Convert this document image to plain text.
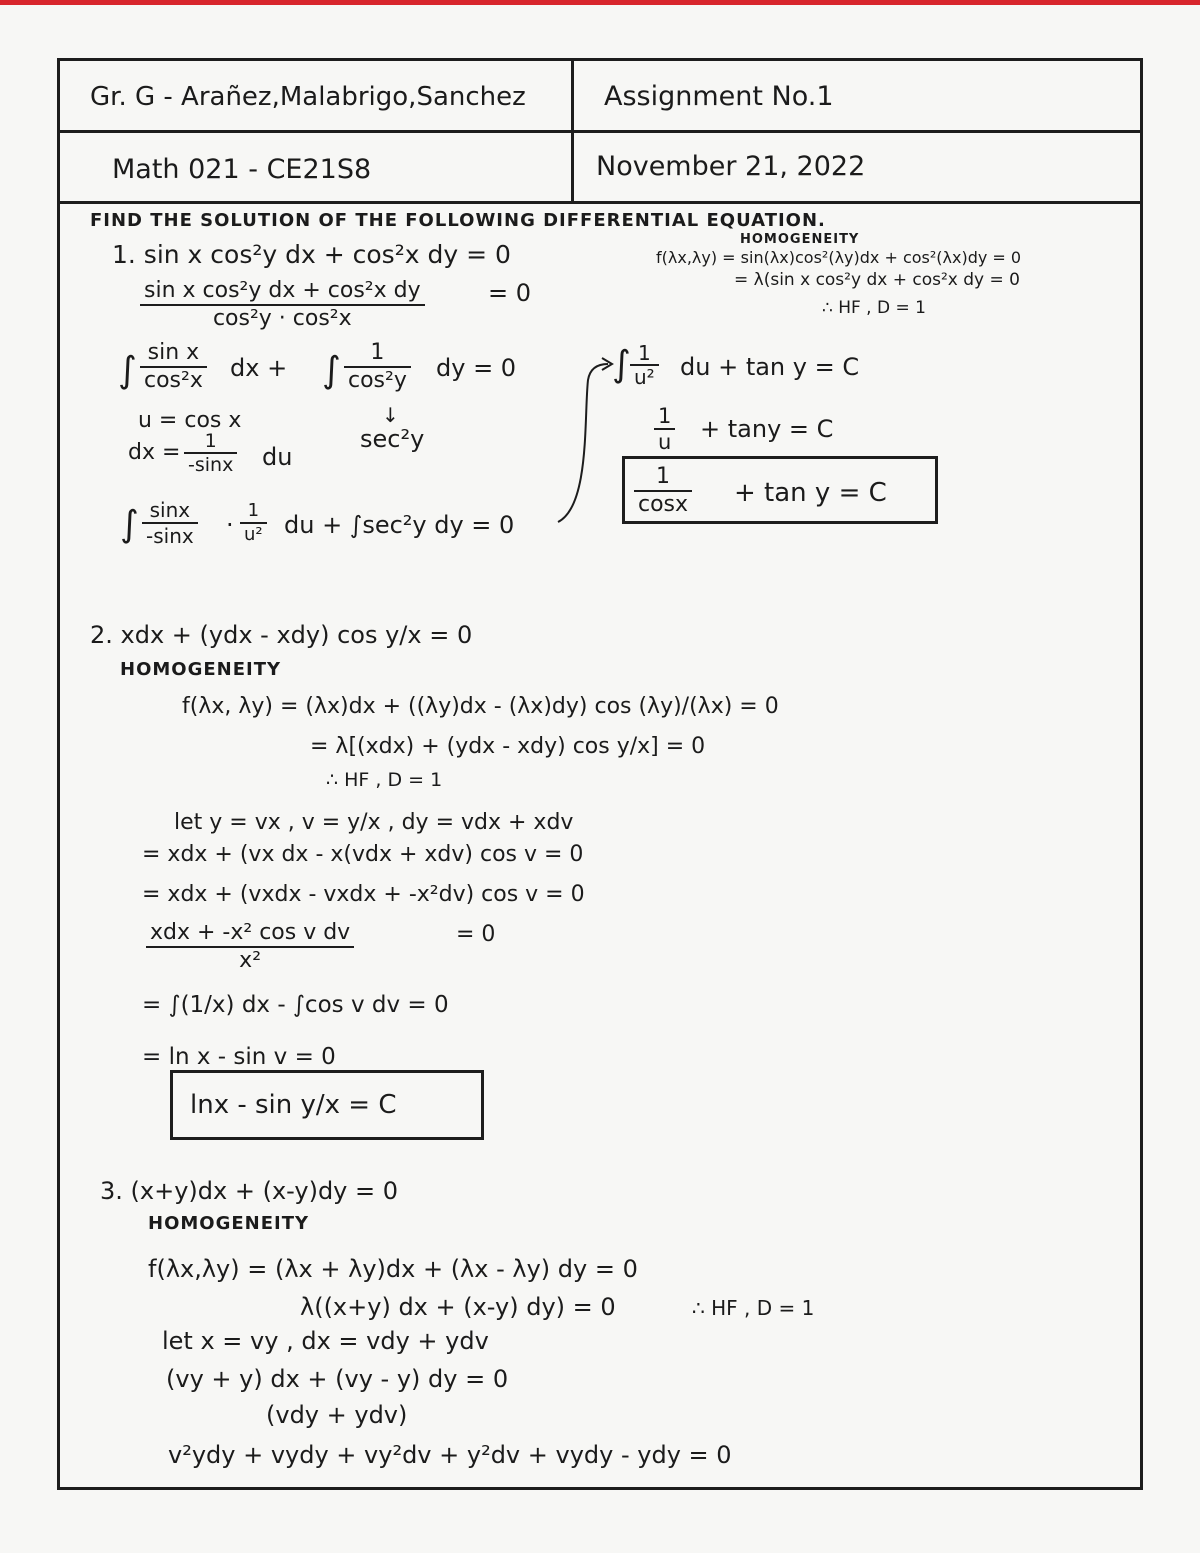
Gr. G - Arañez,Malabrigo,Sanchez	Assignment No.1
Math 021 - CE21S8	November 21, 2022
FIND THE SOLUTION OF THE FOLLOWING DIFFERENTIAL EQUATION.
1. sin x cos²y dx + cos²x dy = 0
HOMOGENEITY
f(λx,λy) = sin(λx)cos²(λy)dx + cos²(λx)dy = 0
= λ(sin x cos²y dx + cos²x dy = 0
∴ HF , D = 1
$\frac{\text{sin x cos²y dx + cos²x dy}}{\text{cos²y · cos²x}}$	= 0
∫ $\frac{\text{sin x}}{\text{cos²x}}$ dx + ∫ $\frac{1}{\text{cos²y}}$ dy = 0
↓
sec²y
u = cos x
dx = $\frac{1}{-\sin x}$ du
∫ $\frac{\sin x}{-\sin x} \cdot \frac{1}{\text{u²}}$ du + ∫sec²y dy = 0
∫ $\frac{1}{\text{u²}}$ du + tan y = C
$\frac{1}{u} + \tan y = C$
$\frac{1}{\cos x} + \tan y = C$
2. xdx + (ydx - xdy) cos y/x = 0
HOMOGENEITY
f(λx, λy) = (λx)dx + ((λy)dx - (λx)dy) cos (λy)/(λx) = 0
= λ[(xdx) + (ydx - xdy) cos y/x] = 0
∴ HF , D = 1
let y = vx , v = y/x , dy = vdx + xdv
= xdx + (vx dx - x(vdx + xdv) cos v = 0
= xdx + (vxdx - vxdx + -x²dv) cos v = 0
xdx + -x² cos v dv
x²
= 0
= ∫(1/x) dx - ∫cos v dv = 0
= ln x - sin v = 0
lnx - sin y/x = C
3. (x+y)dx + (x-y)dy = 0
HOMOGENEITY
f(λx,λy) = (λx + λy)dx + (λx - λy) dy = 0
λ((x+y) dx + (x-y) dy) = 0	∴ HF , D = 1
let x = vy , dx = vdy + ydv
(vy + y) dx + (vy - y) dy = 0
(vdy + ydv)
v²ydy + vydy + vy²dv + y²dv + vydy - ydy = 0
